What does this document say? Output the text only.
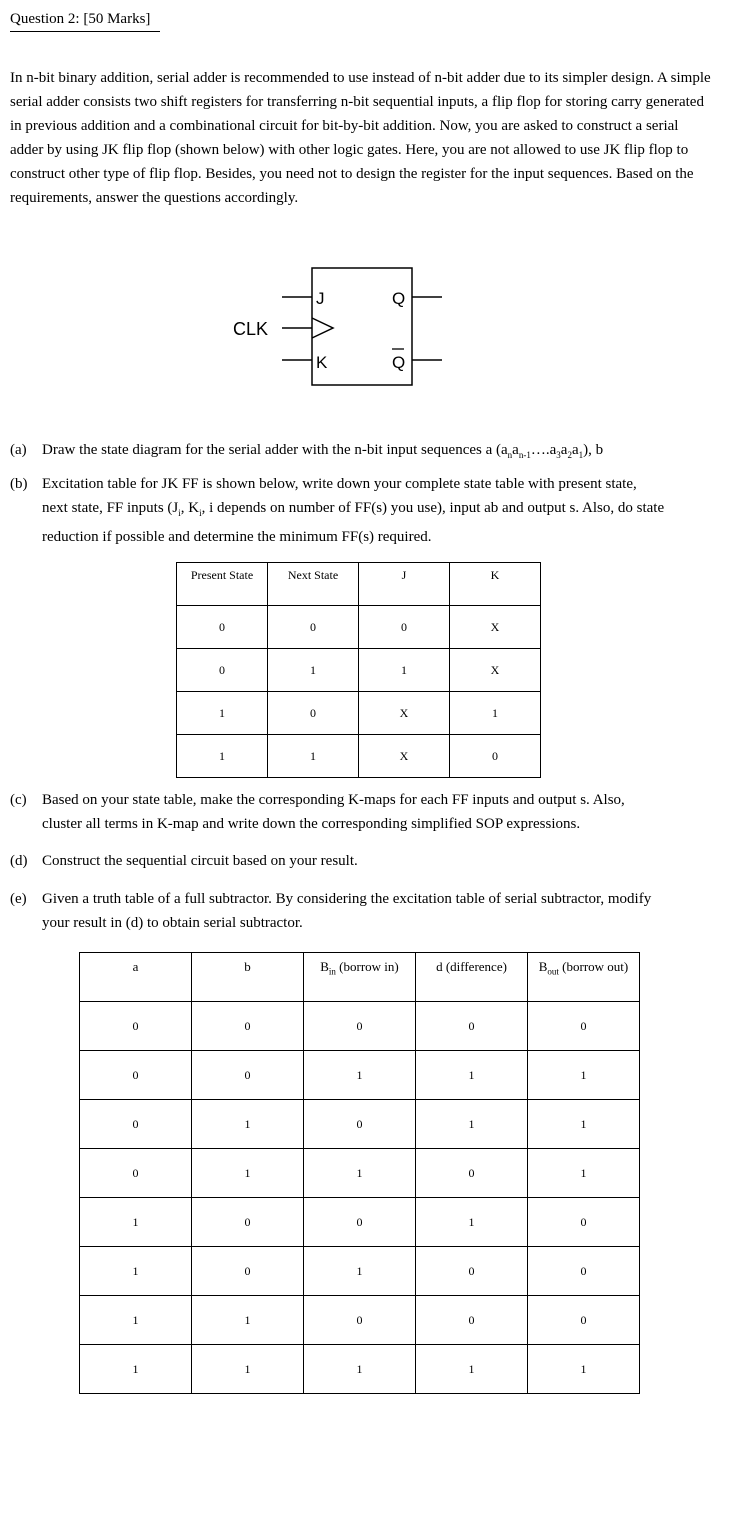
Question 2: [50 Marks]
In n-bit binary addition, serial adder is recommended to use instead of n-bit adder due to its simpler design. A simple serial adder consists two shift registers for transferring n-bit sequential inputs, a flip flop for storing carry generated in previous addition and a combinational circuit for bit-by-bit addition. Now, you are asked to construct a serial adder by using JK flip flop (shown below) with other logic gates. Here, you are not allowed to use JK flip flop to construct other type of flip flop. Besides, you need not to design the register for the input sequences. Based on the requirements, answer the questions accordingly.
J
K
Q
Q
CLK
(a) Draw the state diagram for the serial adder with the n-bit input sequences a $(a_na_{n-1}\dots.a_3a_2a_1)$, b
(b) Excitation table for JK FF is shown below, write down your complete state table with present state,
next state, FF inputs ($J_i$, $K_i$, i depends on number of FF(s) you use), input ab and output s. Also, do state
reduction if possible and determine the minimum FF(s) required.
Present State	Next State	J	K
0	0	0	X
0	1	1	X
1	0	X	1
1	1	X	0
(c) Based on your state table, make the corresponding K-maps for each FF inputs and output s. Also,
cluster all terms in K-map and write down the corresponding simplified SOP expressions.
(d) Construct the sequential circuit based on your result.
(e) Given a truth table of a full subtractor. By considering the excitation table of serial subtractor, modify
your result in (d) to obtain serial subtractor.
a	b	$B_{in}$ (borrow in)	d (difference)	$B_{out}$ (borrow out)
0	0	0	0	0
0	0	1	1	1
0	1	0	1	1
0	1	1	0	1
1	0	0	1	0
1	0	1	0	0
1	1	0	0	0
1	1	1	1	1
